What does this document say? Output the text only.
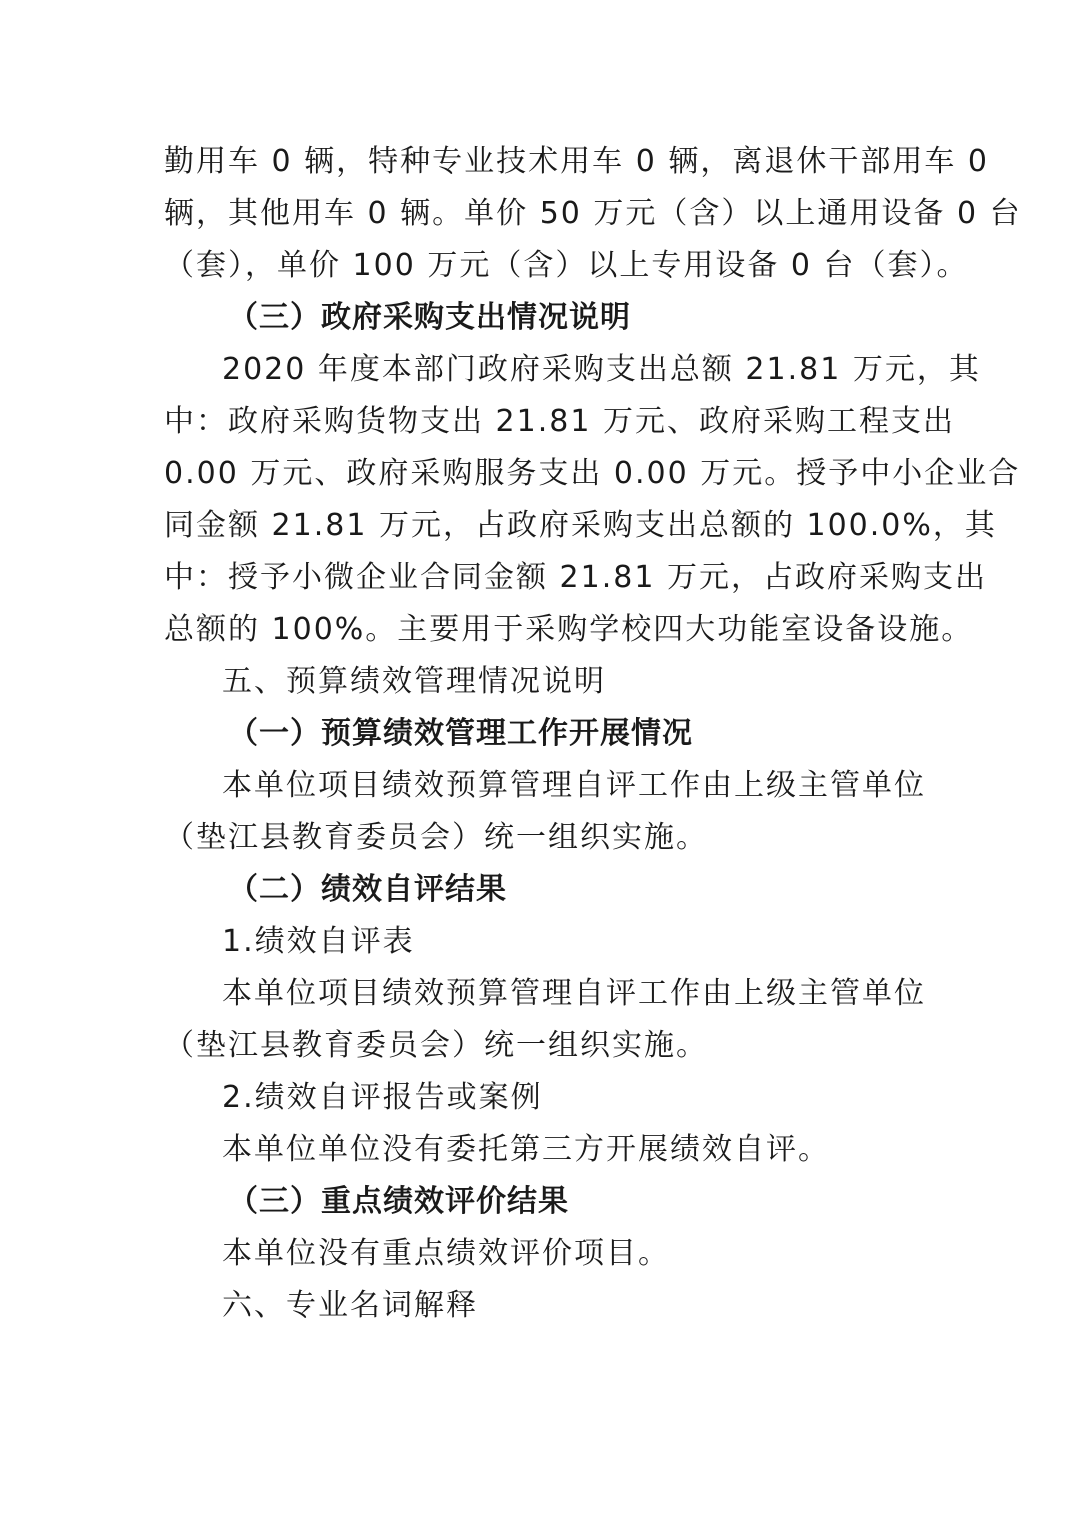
勤用车 0 辆，特种专业技术用车 0 辆，离退休干部用车 0
辆，其他用车 0 辆。单价 50 万元（含）以上通用设备 0 台
（套），单价 100 万元（含）以上专用设备 0 台（套）。
（三）政府采购支出情况说明
2020 年度本部门政府采购支出总额 21.81 万元，其
中：政府采购货物支出 21.81 万元、政府采购工程支出
0.00 万元、政府采购服务支出 0.00 万元。授予中小企业合
同金额 21.81 万元，占政府采购支出总额的 100.0%，其
中：授予小微企业合同金额 21.81 万元，占政府采购支出
总额的 100%。主要用于采购学校四大功能室设备设施。
五、预算绩效管理情况说明
（一）预算绩效管理工作开展情况
本单位项目绩效预算管理自评工作由上级主管单位
（垫江县教育委员会）统一组织实施。
（二）绩效自评结果
1.绩效自评表
本单位项目绩效预算管理自评工作由上级主管单位
（垫江县教育委员会）统一组织实施。
2.绩效自评报告或案例
本单位单位没有委托第三方开展绩效自评。
（三）重点绩效评价结果
本单位没有重点绩效评价项目。
六、专业名词解释
